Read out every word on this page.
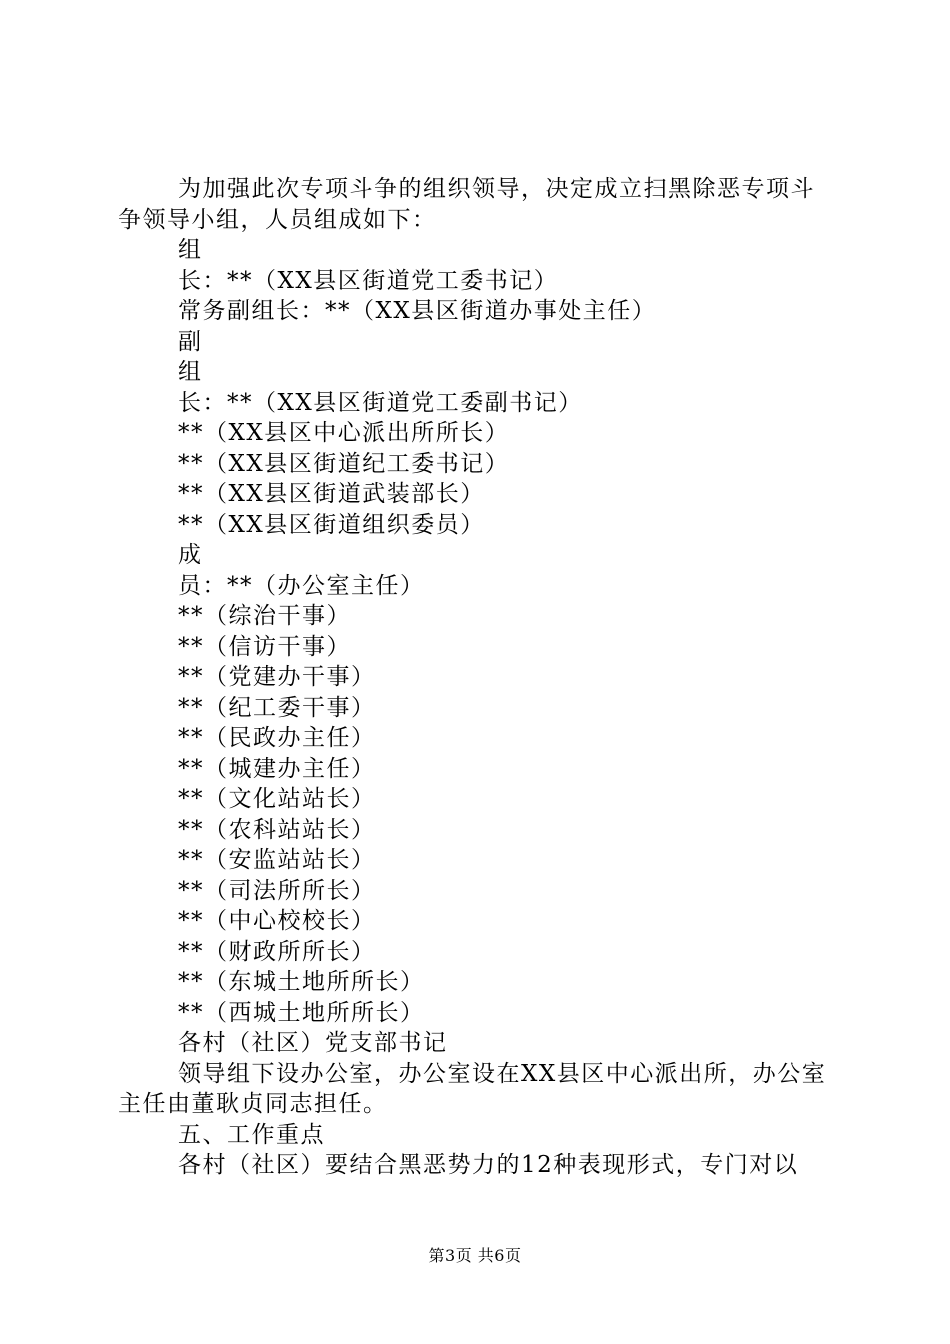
为加强此次专项斗争的组织领导，决定成立扫黑除恶专项斗争领导小组，人员组成如下：
组
长：**（XX县区街道党工委书记）
常务副组长：**（XX县区街道办事处主任）
副
组
长：**（XX县区街道党工委副书记）
**（XX县区中心派出所所长）
**（XX县区街道纪工委书记）
**（XX县区街道武装部长）
**（XX县区街道组织委员）
成
员：**（办公室主任）
**（综治干事）
**（信访干事）
**（党建办干事）
**（纪工委干事）
**（民政办主任）
**（城建办主任）
**（文化站站长）
**（农科站站长）
**（安监站站长）
**（司法所所长）
**（中心校校长）
**（财政所所长）
**（东城土地所所长）
**（西城土地所所长）
各村（社区）党支部书记
领导组下设办公室，办公室设在XX县区中心派出所，办公室主任由董耿贞同志担任。
五、工作重点
各村（社区）要结合黑恶势力的12种表现形式，专门对以
第3页 共6页
